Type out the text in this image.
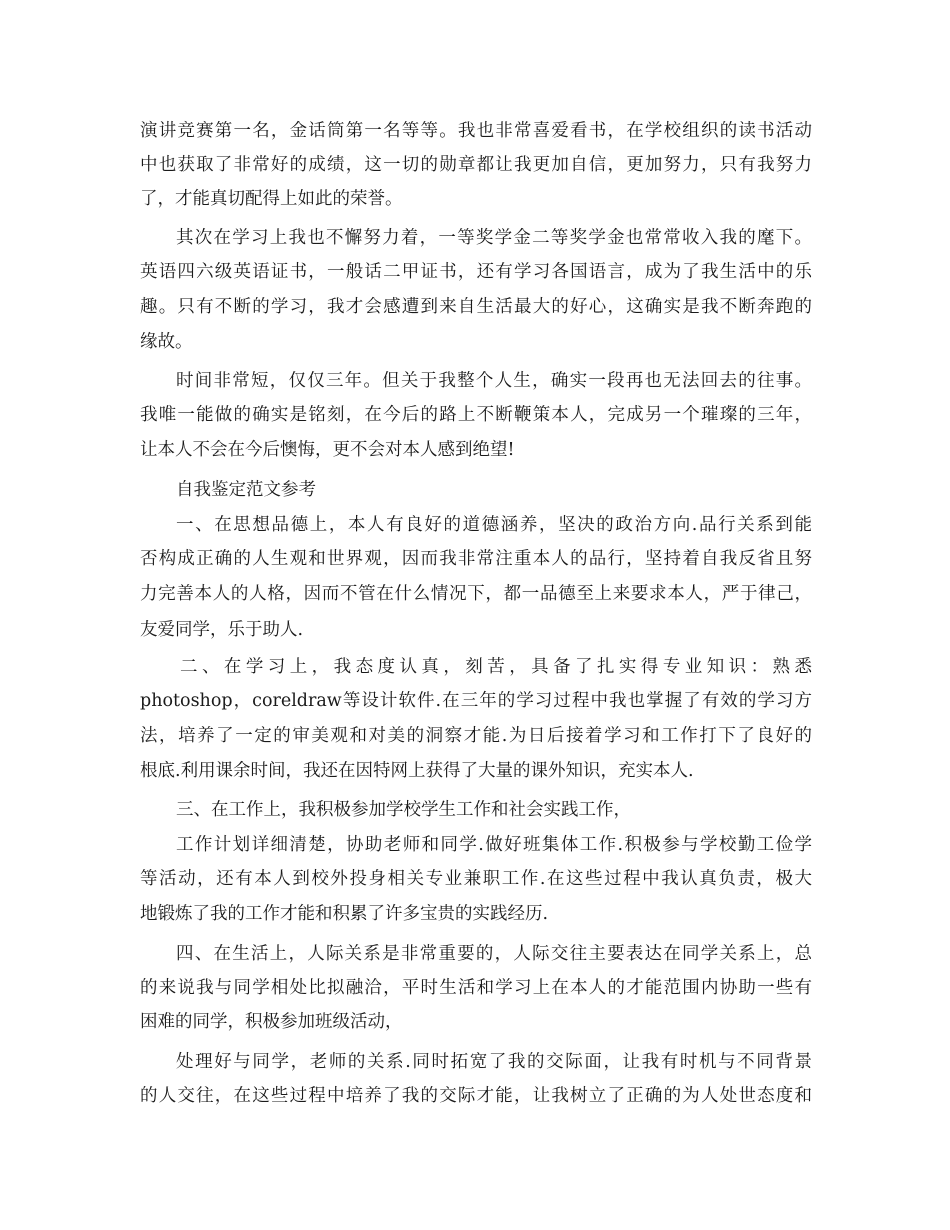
演讲竞赛第一名，金话筒第一名等等。我也非常喜爱看书，在学校组织的读书活动
中也获取了非常好的成绩，这一切的勋章都让我更加自信，更加努力，只有我努力
了，才能真切配得上如此的荣誉。
其次在学习上我也不懈努力着，一等奖学金二等奖学金也常常收入我的麾下。
英语四六级英语证书，一般话二甲证书，还有学习各国语言，成为了我生活中的乐
趣。只有不断的学习，我才会感遭到来自生活最大的好心，这确实是我不断奔跑的
缘故。
时间非常短，仅仅三年。但关于我整个人生，确实一段再也无法回去的往事。
我唯一能做的确实是铭刻，在今后的路上不断鞭策本人，完成另一个璀璨的三年，
让本人不会在今后懊悔，更不会对本人感到绝望!
自我鉴定范文参考
一、在思想品德上，本人有良好的道德涵养，坚决的政治方向.品行关系到能
否构成正确的人生观和世界观，因而我非常注重本人的品行，坚持着自我反省且努
力完善本人的人格，因而不管在什么情况下，都一品德至上来要求本人，严于律己，
友爱同学，乐于助人.
二、在学习上，我态度认真，刻苦，具备了扎实得专业知识：熟悉
photoshop，coreldraw等设计软件.在三年的学习过程中我也掌握了有效的学习方
法，培养了一定的审美观和对美的洞察才能.为日后接着学习和工作打下了良好的
根底.利用课余时间，我还在因特网上获得了大量的课外知识，充实本人.
三、在工作上，我积极参加学校学生工作和社会实践工作，
工作计划详细清楚，协助老师和同学.做好班集体工作.积极参与学校勤工俭学
等活动，还有本人到校外投身相关专业兼职工作.在这些过程中我认真负责，极大
地锻炼了我的工作才能和积累了许多宝贵的实践经历.
四、在生活上，人际关系是非常重要的，人际交往主要表达在同学关系上，总
的来说我与同学相处比拟融洽，平时生活和学习上在本人的才能范围内协助一些有
困难的同学，积极参加班级活动，
处理好与同学，老师的关系.同时拓宽了我的交际面，让我有时机与不同背景
的人交往，在这些过程中培养了我的交际才能，让我树立了正确的为人处世态度和
